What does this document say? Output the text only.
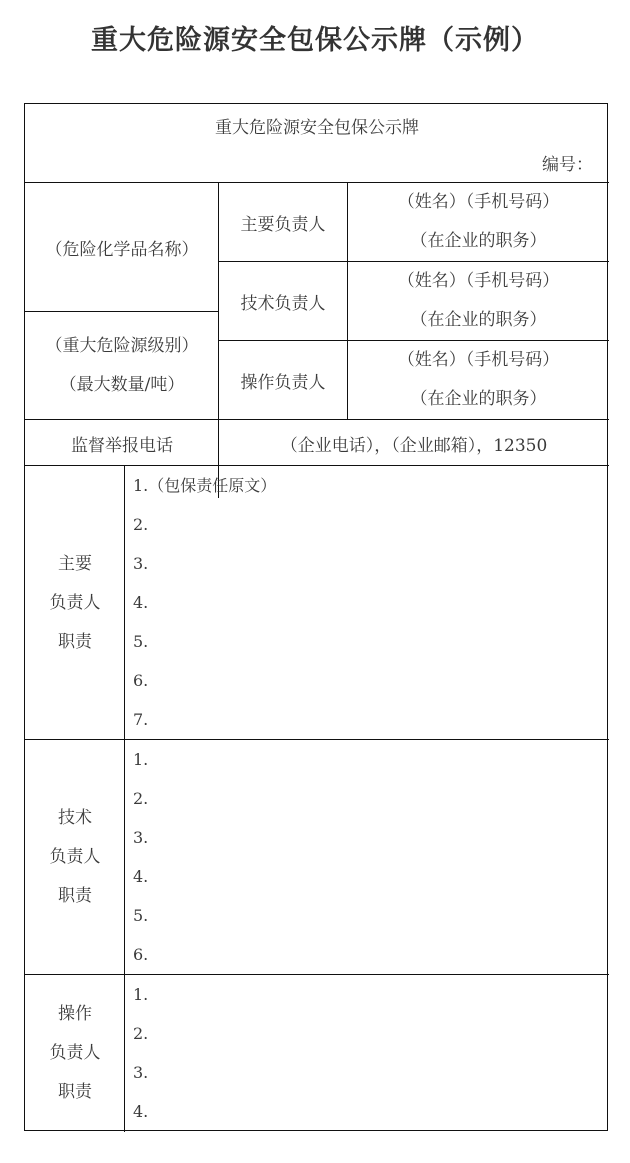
重大危险源安全包保公示牌（示例）
重大危险源安全包保公示牌
编号：
（危险化学品名称）
（重大危险源级别）
（最大数量/吨）
主要负责人
（姓名）（手机号码）
（在企业的职务）
技术负责人
（姓名）（手机号码）
（在企业的职务）
操作负责人
（姓名）（手机号码）
（在企业的职务）
监督举报电话	（企业电话），（企业邮箱），12350
主要
负责人
职责
1.（包保责任原文）
2.
3.
4.
5.
6.
7.
技术
负责人
职责
1.
2.
3.
4.
5.
6.
操作
负责人
职责
1.
2.
3.
4.
